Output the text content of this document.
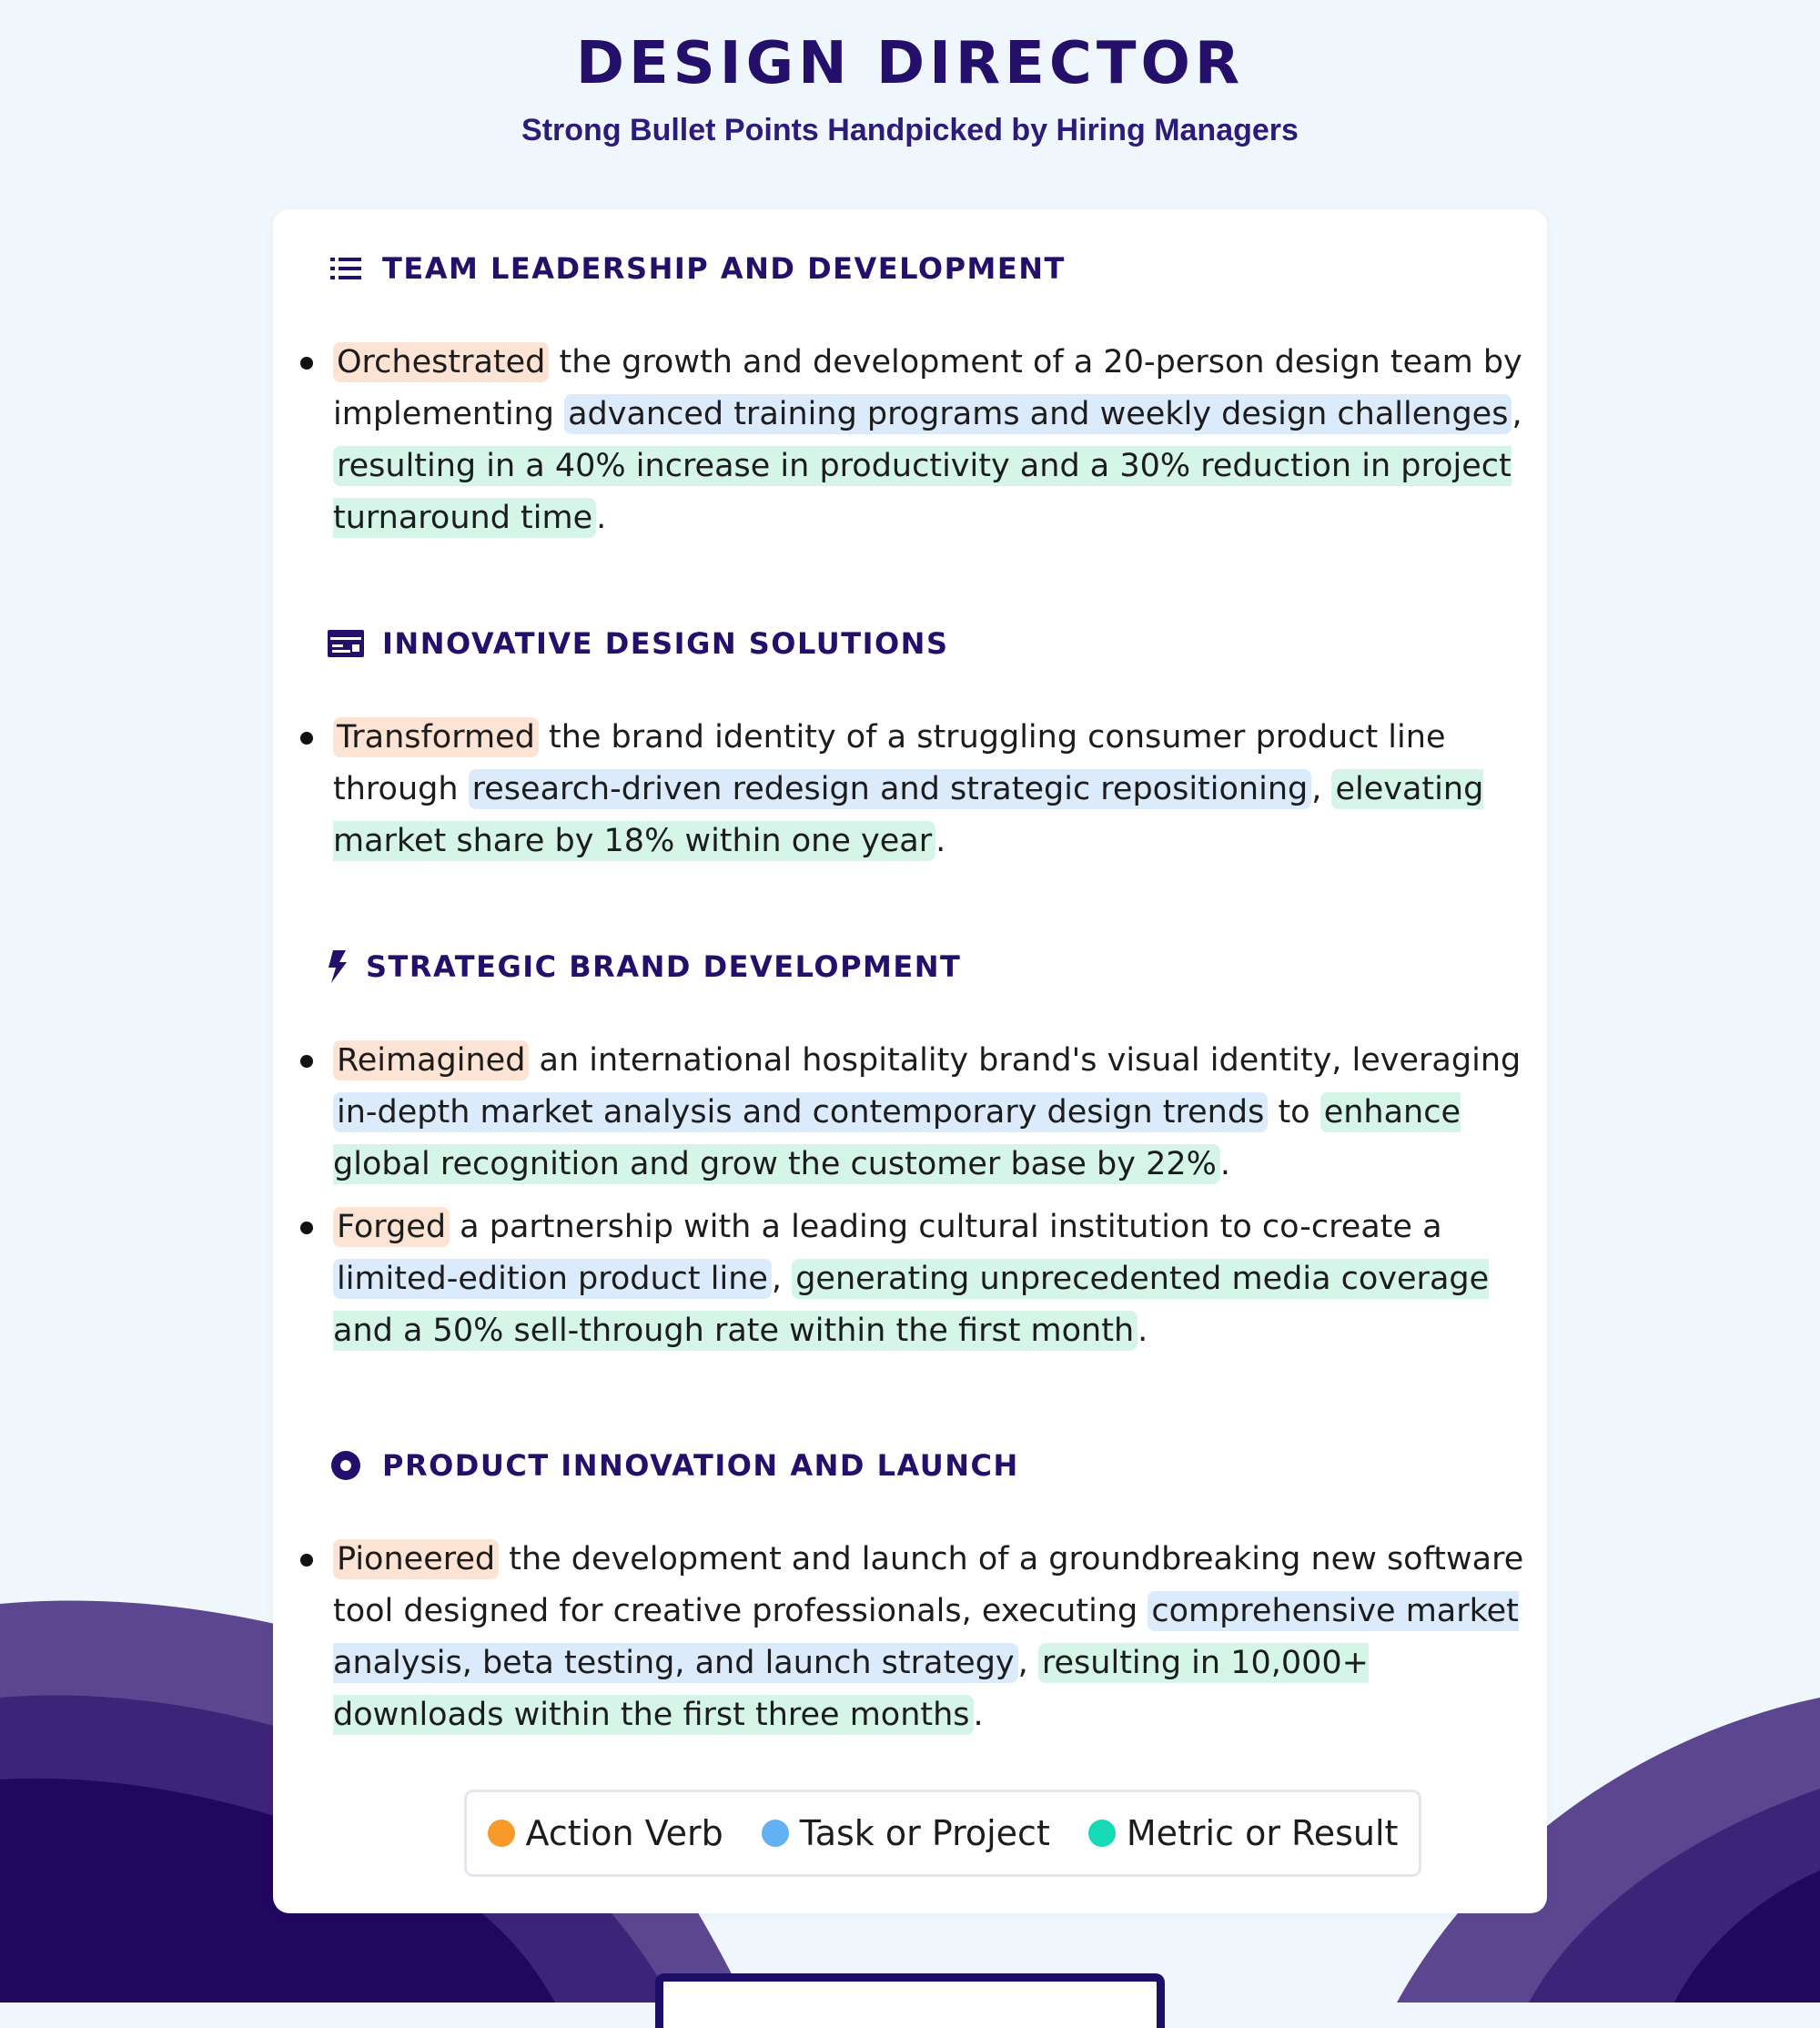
DESIGN DIRECTOR

Strong Bullet Points Handpicked by Hiring Managers

TEAM LEADERSHIP AND DEVELOPMENT
Orchestrated the growth and development of a 20-person design team by implementing advanced training programs and weekly design challenges , resulting in a 40% increase in productivity and a 30% reduction in project turnaround time .
INNOVATIVE DESIGN SOLUTIONS
Transformed the brand identity of a struggling consumer product line through research-driven redesign and strategic repositioning , elevating market share by 18% within one year .
STRATEGIC BRAND DEVELOPMENT
Reimagined an international hospitality brand's visual identity, leveraging in-depth market analysis and contemporary design trends to enhance global recognition and grow the customer base by 22% .
Forged a partnership with a leading cultural institution to co-create a limited-edition product line , generating unprecedented media coverage and a 50% sell-through rate within the first month .
PRODUCT INNOVATION AND LAUNCH
Pioneered the development and launch of a groundbreaking new software tool designed for creative professionals, executing comprehensive market analysis, beta testing, and launch strategy , resulting in 10,000+ downloads within the first three months .
Action Verb Task or Project Metric or Result
